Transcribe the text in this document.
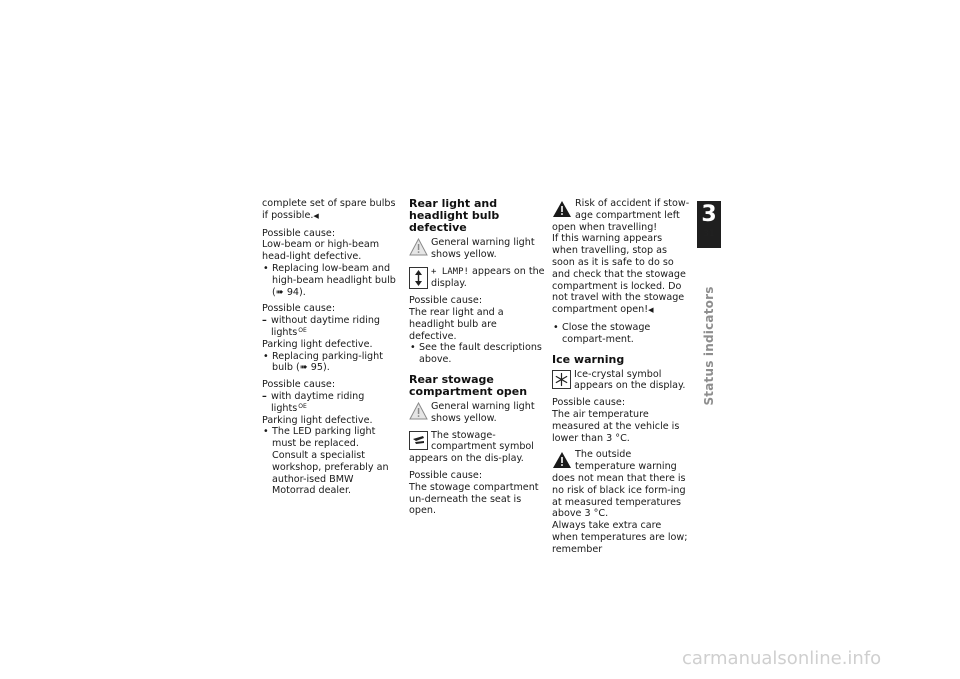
complete set of spare bulbs if possible.◀

Possible cause:

Low-beam or high-beam head-light defective.

• Replacing low-beam and high-beam headlight bulb (➠ 94).

Possible cause:

– without daytime riding lights$^{OE}$

Parking light defective.

• Replacing parking-light bulb (➠ 95).

Possible cause:

– with daytime riding lights$^{OE}$

Parking light defective.

• The LED parking light must be replaced. Consult a specialist workshop, preferably an author-ised BMW Motorrad dealer.
Rear light and headlight bulb defective
General warning light shows yellow.
+ LAMP! appears on the display.

Possible cause:

The rear light and a headlight bulb are defective.

• See the fault descriptions above.
Rear stowage compartment open
General warning light shows yellow.
The stowage-compartment symbol appears on the dis-play.

Possible cause:

The stowage compartment un-derneath the seat is open.

Risk of accident if stow-age compartment left open when travelling!

If this warning appears when travelling, stop as soon as it is safe to do so and check that the stowage compartment is locked. Do not travel with the stowage compartment open!◀

• Close the stowage compart-ment.
Ice warning
Ice-crystal symbol appears on the display.

Possible cause:

The air temperature measured at the vehicle is lower than 3 °C.

The outside temperature warning does not mean that there is no risk of black ice form-ing at measured temperatures above 3 °C.

Always take extra care when temperatures are low; remember

3
31
Status indicators
carmanualsonline.info
